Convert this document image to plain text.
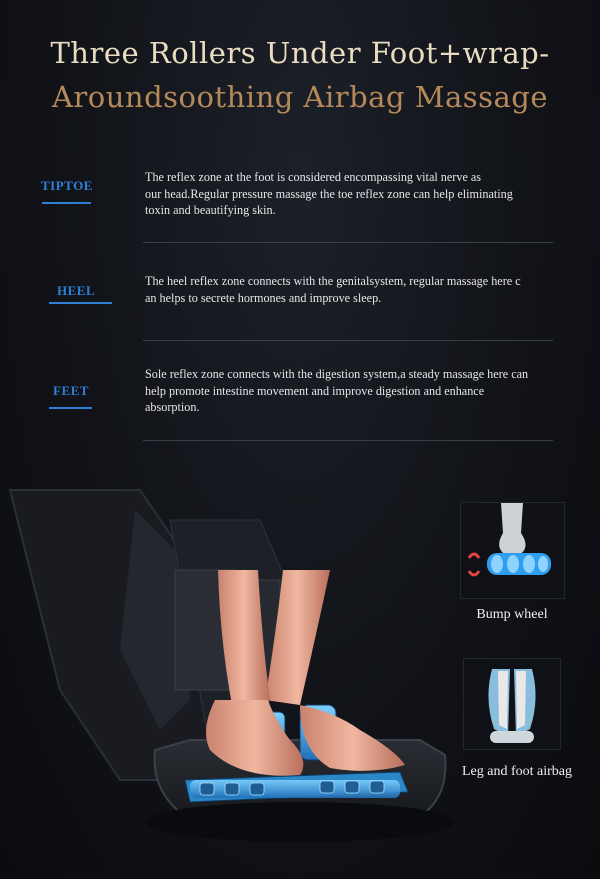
Three Rollers Under Foot+wrap-
Aroundsoothing Airbag Massage
TIPTOE
The reflex zone at the foot is considered encompassing vital nerve as
our head.Regular pressure massage the toe reflex zone can help eliminating
toxin and beautifying skin.
HEEL
The heel reflex zone connects with the genitalsystem, regular massage here c
an helps to secrete hormones and improve sleep.
FEET
Sole reflex zone connects with the digestion system,a steady massage here can
help promote intestine movement and improve digestion and enhance
absorption.
Bump wheel
Leg and foot airbag
